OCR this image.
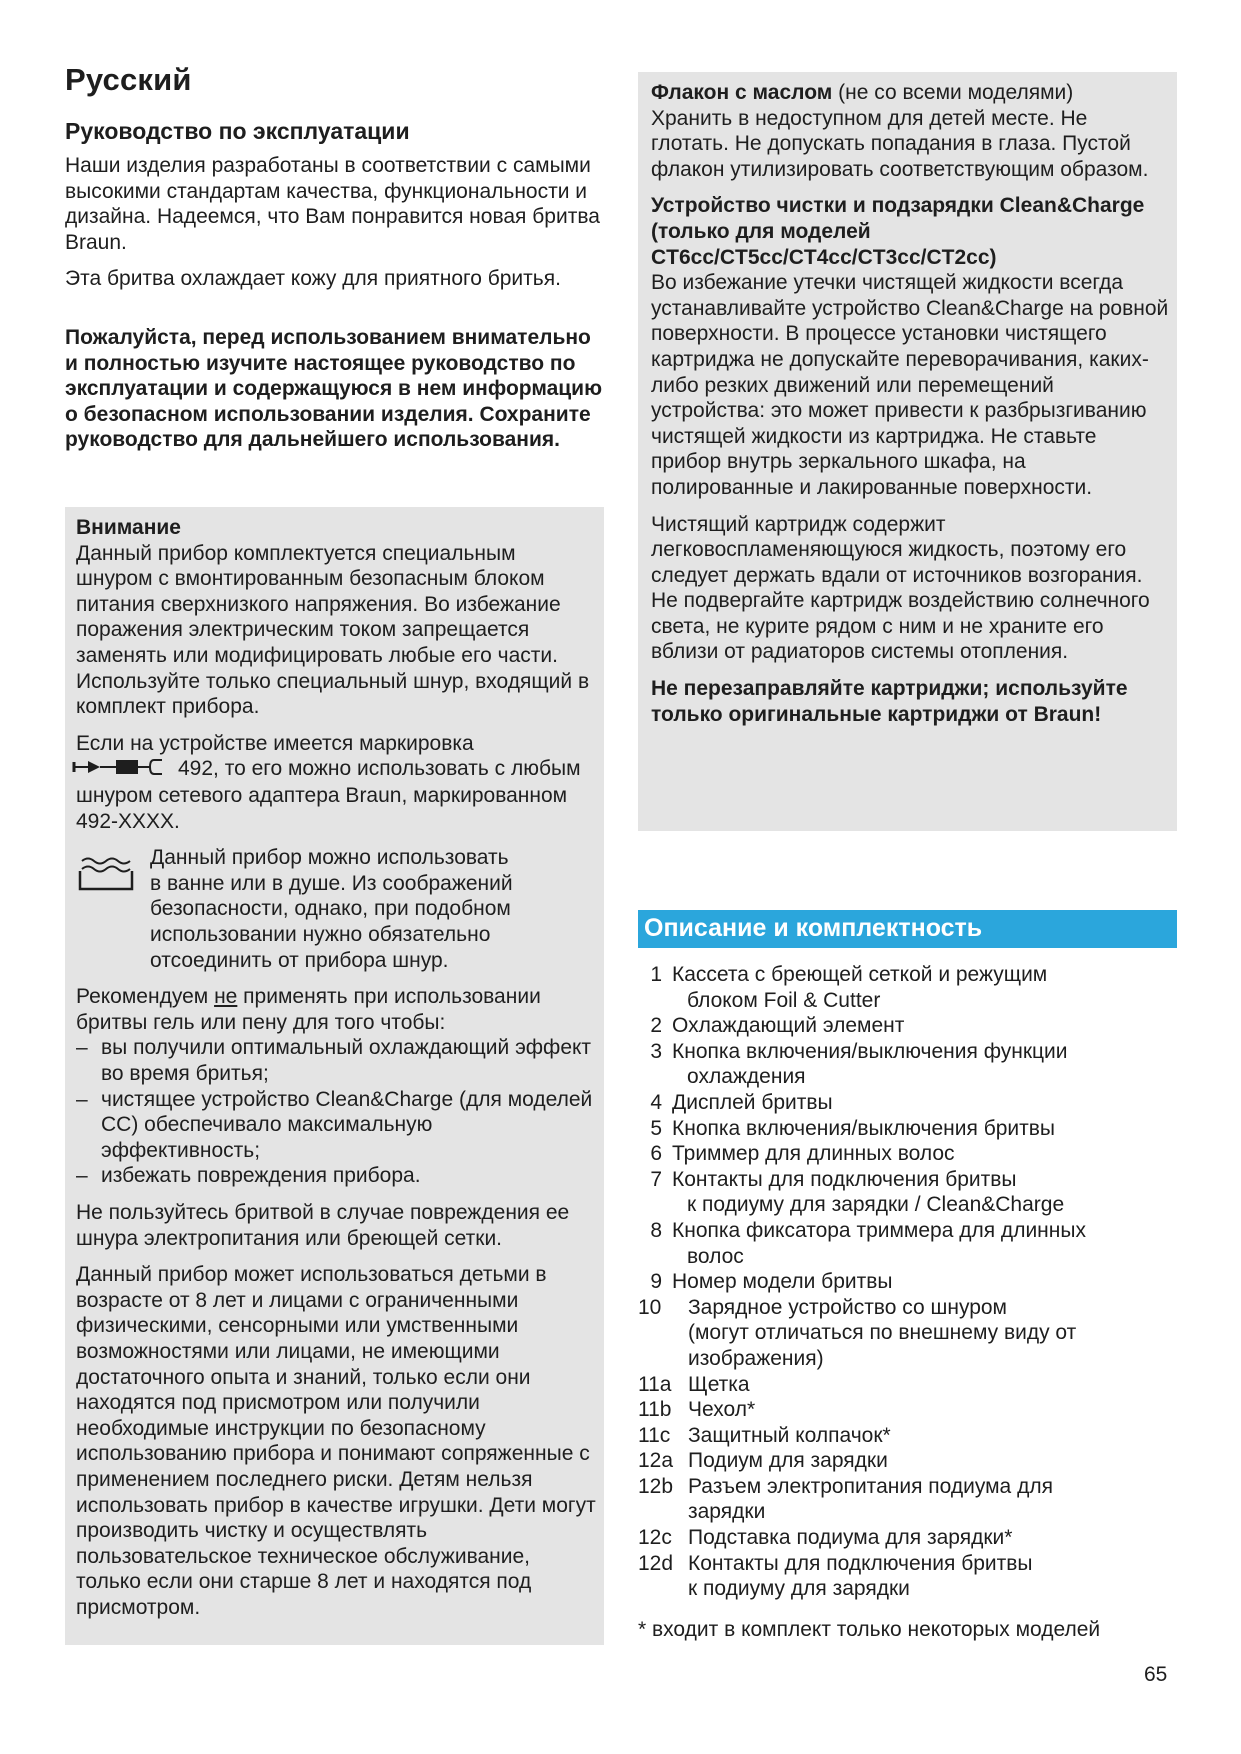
Русский
Руководство по эксплуатации

Наши изделия разработаны в соответствии с самыми высокими стандартам качества, функциональности и дизайна. Надеемся, что Вам понравится новая бритва Braun.

Эта бритва охлаждает кожу для приятного бритья.

Пожалуйста, перед использованием внимательно и полностью изучите настоящее руководство по эксплуатации и содержащуюся в нем информацию о безопасном использовании изделия. Сохраните руководство для дальнейшего использования.

Внимание

Данный прибор комплектуется специальным шнуром с вмонтированным безопасным блоком питания сверхнизкого напряжения. Во избежание поражения электрическим током запрещается заменять или модифицировать любые его части. Используйте только специальный шнур, входящий в комплект прибора.

Если на устройстве имеется маркировка
492, то его можно использовать с любым шнуром сетевого адаптера Braun, маркированном 492-XXXX.

Данный прибор можно использовать
в ванне или в душе. Из соображений безопасности, однако, при подобном использовании нужно обязательно отсоединить от прибора шнур.

Рекомендуем не применять при использовании бритвы гель или пену для того чтобы:

– вы получили оптимальный охлаждающий эффект во время бритья;
– чистящее устройство Clean&Charge (для моделей CC) обеспечивало максимальную эффективность;
– избежать повреждения прибора.

Не пользуйтесь бритвой в случае повреждения ее шнура электропитания или бреющей сетки.

Данный прибор может использоваться детьми в возрасте от 8 лет и лицами с ограниченными физическими, сенсорными или умственными возможностями или лицами, не имеющими достаточного опыта и знаний, только если они находятся под присмотром или получили необходимые инструкции по безопасному использованию прибора и понимают сопряженные с применением последнего риски. Детям нельзя использовать прибор в качестве игрушки. Дети могут производить чистку и осуществлять пользовательское техническое обслуживание, только если они старше 8 лет и находятся под присмотром.

Флакон с маслом (не со всеми моделями)

Хранить в недоступном для детей месте. Не глотать. Не допускать попадания в глаза. Пустой флакон утилизировать соответствующим образом.

Устройство чистки и подзарядки Clean&Charge (только для моделей CT6cc/CT5cc/CT4cc/CT3cc/CT2cc)

Во избежание утечки чистящей жидкости всегда устанавливайте устройство Clean&Charge на ровной поверхности. В процессе установки чистящего картриджа не допускайте переворачивания, каких-либо резких движений или перемещений устройства: это может привести к разбрызгиванию чистящей жидкости из картриджа. Не ставьте прибор внутрь зеркального шкафа, на полированные и лакированные поверхности.

Чистящий картридж содержит легковоспламеняющуюся жидкость, поэтому его следует держать вдали от источников возгорания. Не подвергайте картридж воздействию солнечного света, не курите рядом с ним и не храните его вблизи от радиаторов системы отопления.

Не перезаправляйте картриджи; используйте только оригинальные картриджи от Braun!

Описание и комплектность
1 Кассета с бреющей сеткой и режущим
блоком Foil & Cutter
2 Охлаждающий элемент
3 Кнопка включения/выключения функции
охлаждения
4 Дисплей бритвы
5 Кнопка включения/выключения бритвы
6 Триммер для длинных волос
7 Контакты для подключения бритвы
к подиуму для зарядки / Clean&Charge
8 Кнопка фиксатора триммера для длинных
волос
9 Номер модели бритвы
10	Зарядное устройство со шнуром
(могут отличаться по внешнему виду от изображения)
11a Щетка
11b Чехол*
11c Защитный колпачок*
12a Подиум для зарядки
12b Разъем электропитания подиума для
зарядки
12c Подставка подиума для зарядки*
12d Контакты для подключения бритвы
к подиуму для зарядки
* входит в комплект только некоторых моделей
65
